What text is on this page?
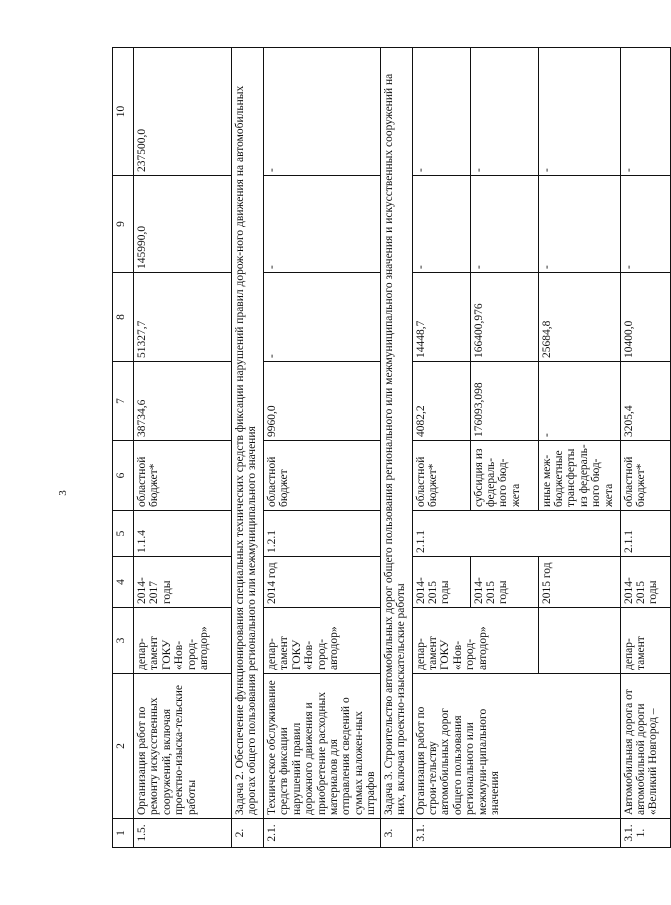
3
1	2	3	4	5	6	7	8	9	10
1.5.	Организация работ по ремонту искусственных сооружений, включая проектно-изыска-тельские работы	депар-тамент ГОКУ «Нов-город-автодор»	2014-2017 годы	1.1.4	областной бюджет*	38734,6	51327,7	145990,0	237500,0
2.	Задача 2. Обеспечение функционирования специальных технических средств фиксации нарушений правил дорож-ного движения на автомобильных дорогах общего пользования регионального или межмуниципального значения								
2.1.	Техническое обслуживание средств фиксации нарушений правил дорожного движения и приобретение расходных материалов для отправления сведений о суммах наложен-ных штрафов	депар-тамент ГОКУ «Нов-город-автодор»	2014 год	1.2.1	областной бюджет	9960,0	-	-	-
3.	Задача 3. Строительство автомобильных дорог общего пользования регионального или межмуниципального значения и искусственных сооружений на них, включая проектно-изыскательские работы								
3.1.	Организация работ по строи-тельству автомобильных дорог общего пользования регионального или межмуни-ципального значения	депар-тамент ГОКУ «Нов-город-автодор»	2014-2015 годы	2.1.1	областной бюджет*	4082,2	14448,7	-	-
			2014-2015 годы		субсидия из федераль-ного бюд-жета	176093,098	166400,976	-	-
			2015 год		иные меж-бюджетные трансферты из федераль-ного бюд-жета	-	25684,8	-	-
3.1.1.	Автомобильная дорога от автомобильной дороги «Великий Новгород –	депар-тамент	2014-2015 годы	2.1.1	областной бюджет*	3205,4	10400,0	-	-
